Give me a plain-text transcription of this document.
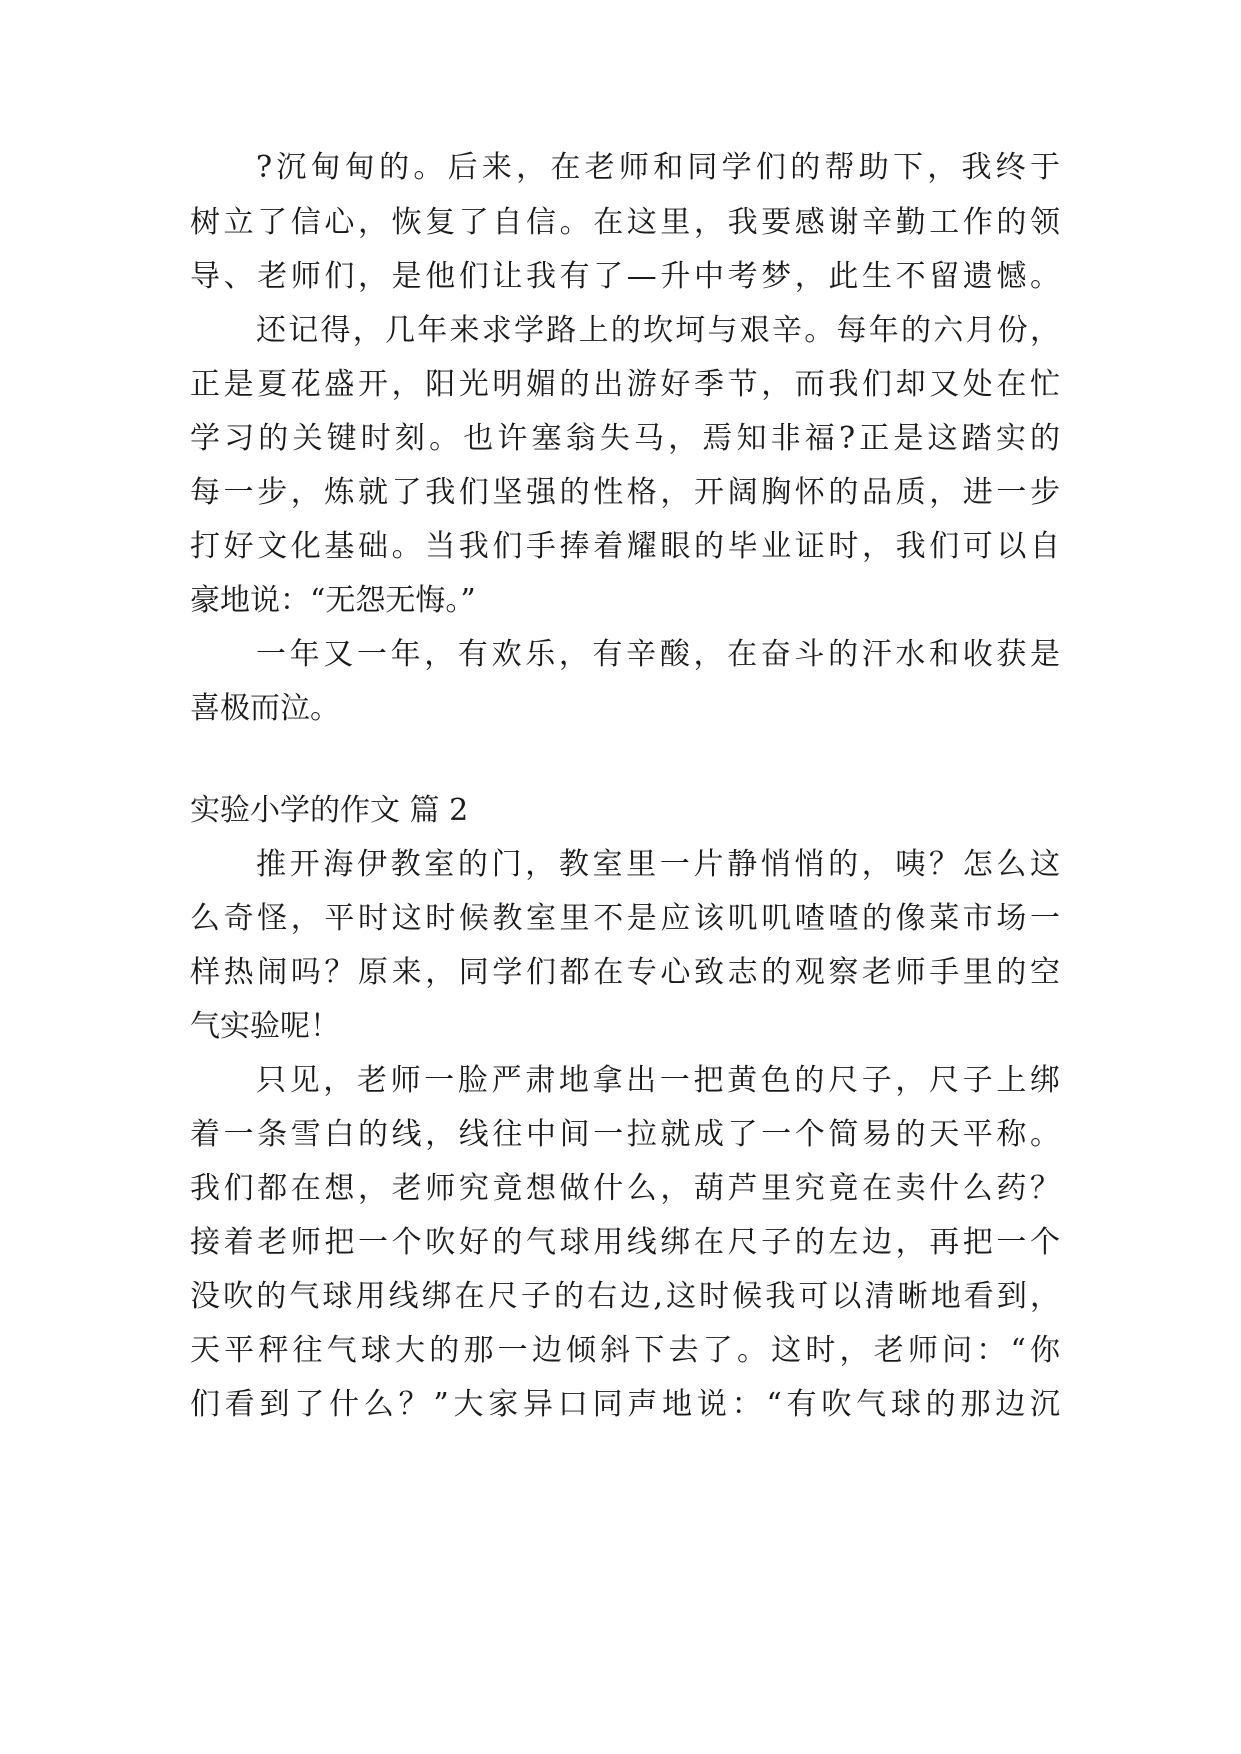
?沉甸甸的。后来，在老师和同学们的帮助下，我终于
树立了信心，恢复了自信。在这里，我要感谢辛勤工作的领
导、老师们，是他们让我有了—升中考梦，此生不留遗憾。
还记得，几年来求学路上的坎坷与艰辛。每年的六月份，
正是夏花盛开，阳光明媚的出游好季节，而我们却又处在忙
学习的关键时刻。也许塞翁失马，焉知非福?正是这踏实的
每一步，炼就了我们坚强的性格，开阔胸怀的品质，进一步
打好文化基础。当我们手捧着耀眼的毕业证时，我们可以自
豪地说：“无怨无悔。”
一年又一年，有欢乐，有辛酸，在奋斗的汗水和收获是
喜极而泣。
实验小学的作文 篇 2
推开海伊教室的门，教室里一片静悄悄的，咦？怎么这
么奇怪，平时这时候教室里不是应该叽叽喳喳的像菜市场一
样热闹吗？原来，同学们都在专心致志的观察老师手里的空
气实验呢！
只见，老师一脸严肃地拿出一把黄色的尺子，尺子上绑
着一条雪白的线，线往中间一拉就成了一个简易的天平称。
我们都在想，老师究竟想做什么，葫芦里究竟在卖什么药？
接着老师把一个吹好的气球用线绑在尺子的左边，再把一个
没吹的气球用线绑在尺子的右边,这时候我可以清晰地看到，
天平秤往气球大的那一边倾斜下去了。这时，老师问：“你
们看到了什么？”大家异口同声地说：“有吹气球的那边沉
